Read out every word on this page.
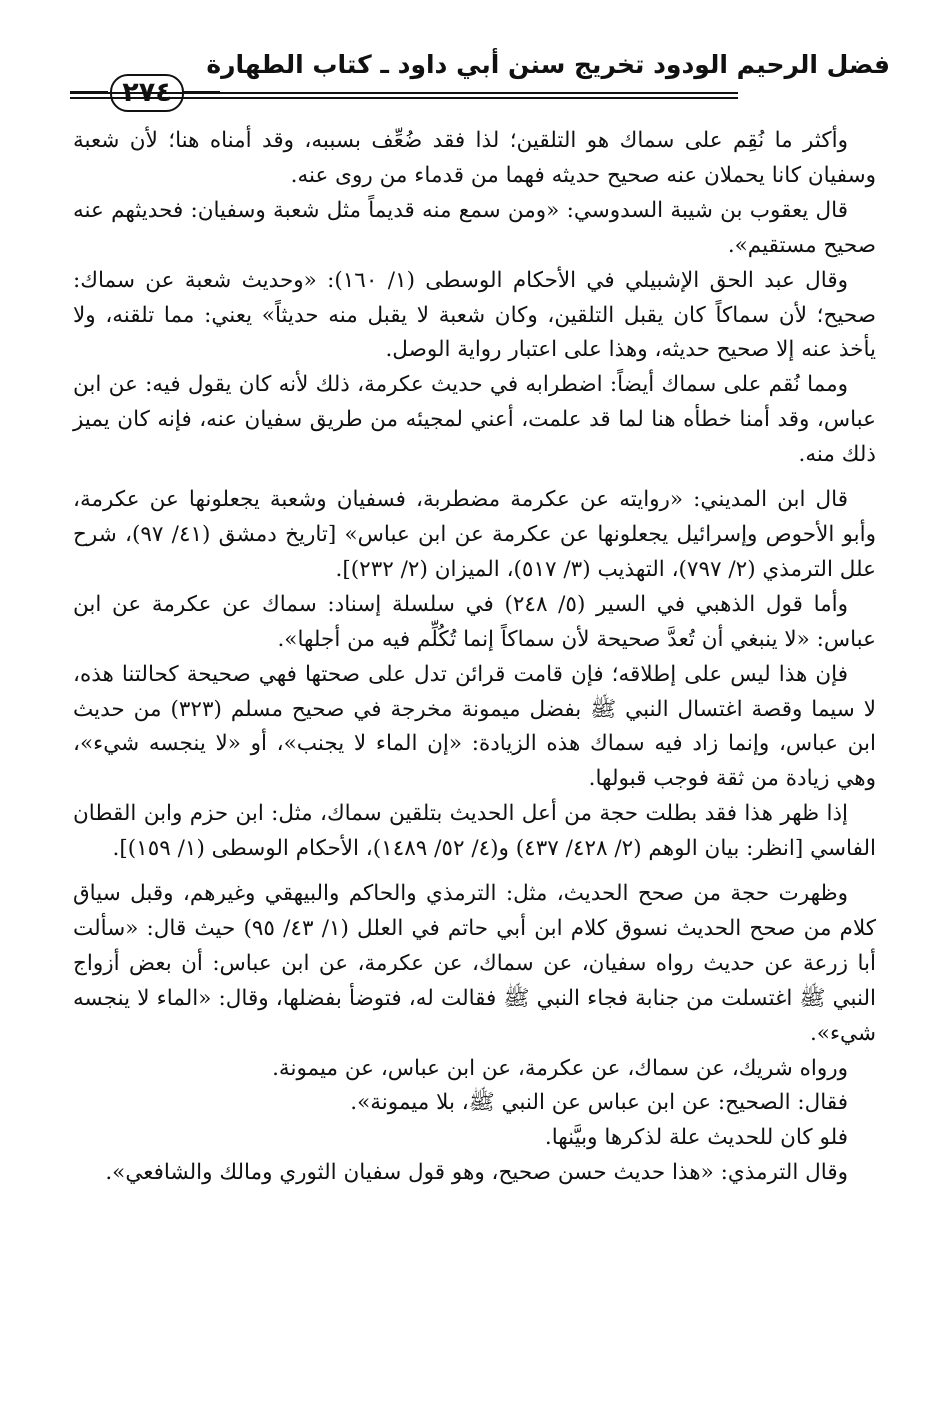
فضل الرحيم الودود تخريج سنن أبي داود ـ كتاب الطهارة
٢٧٤

وأكثر ما نُقِم على سماك هو التلقين؛ لذا فقد ضُعِّف بسببه، وقد أمناه هنا؛ لأن شعبة وسفيان كانا يحملان عنه صحيح حديثه فهما من قدماء من روى عنه.

قال يعقوب بن شيبة السدوسي: «ومن سمع منه قديماً مثل شعبة وسفيان: فحديثهم عنه صحيح مستقيم».

وقال عبد الحق الإشبيلي في الأحكام الوسطى (١/ ١٦٠): «وحديث شعبة عن سماك: صحيح؛ لأن سماكاً كان يقبل التلقين، وكان شعبة لا يقبل منه حديثاً» يعني: مما تلقنه، ولا يأخذ عنه إلا صحيح حديثه، وهذا على اعتبار رواية الوصل.

ومما نُقم على سماك أيضاً: اضطرابه في حديث عكرمة، ذلك لأنه كان يقول فيه: عن ابن عباس، وقد أمنا خطأه هنا لما قد علمت، أعني لمجيئه من طريق سفيان عنه، فإنه كان يميز ذلك منه.

قال ابن المديني: «روايته عن عكرمة مضطربة، فسفيان وشعبة يجعلونها عن عكرمة، وأبو الأحوص وإسرائيل يجعلونها عن عكرمة عن ابن عباس» [تاريخ دمشق (٤١/ ٩٧)، شرح علل الترمذي (٢/ ٧٩٧)، التهذيب (٣/ ٥١٧)، الميزان (٢/ ٢٣٢)].

وأما قول الذهبي في السير (٥/ ٢٤٨) في سلسلة إسناد: سماك عن عكرمة عن ابن عباس: «لا ينبغي أن تُعدَّ صحيحة لأن سماكاً إنما تُكُلِّم فيه من أجلها».

فإن هذا ليس على إطلاقه؛ فإن قامت قرائن تدل على صحتها فهي صحيحة كحالتنا هذه، لا سيما وقصة اغتسال النبي ﷺ بفضل ميمونة مخرجة في صحيح مسلم (٣٢٣) من حديث ابن عباس، وإنما زاد فيه سماك هذه الزيادة: «إن الماء لا يجنب»، أو «لا ينجسه شيء»، وهي زيادة من ثقة فوجب قبولها.

إذا ظهر هذا فقد بطلت حجة من أعل الحديث بتلقين سماك، مثل: ابن حزم وابن القطان الفاسي [انظر: بيان الوهم (٢/ ٤٢٨/ ٤٣٧) و(٤/ ٥٢/ ١٤٨٩)، الأحكام الوسطى (١/ ١٥٩)].

وظهرت حجة من صحح الحديث، مثل: الترمذي والحاكم والبيهقي وغيرهم، وقبل سياق كلام من صحح الحديث نسوق كلام ابن أبي حاتم في العلل (١/ ٤٣/ ٩٥) حيث قال: «سألت أبا زرعة عن حديث رواه سفيان، عن سماك، عن عكرمة، عن ابن عباس: أن بعض أزواج النبي ﷺ اغتسلت من جنابة فجاء النبي ﷺ فقالت له، فتوضأ بفضلها، وقال: «الماء لا ينجسه شيء».

ورواه شريك، عن سماك، عن عكرمة، عن ابن عباس، عن ميمونة.

فقال: الصحيح: عن ابن عباس عن النبي ﷺ، بلا ميمونة».

فلو كان للحديث علة لذكرها وبيَّنها.

وقال الترمذي: «هذا حديث حسن صحيح، وهو قول سفيان الثوري ومالك والشافعي».
